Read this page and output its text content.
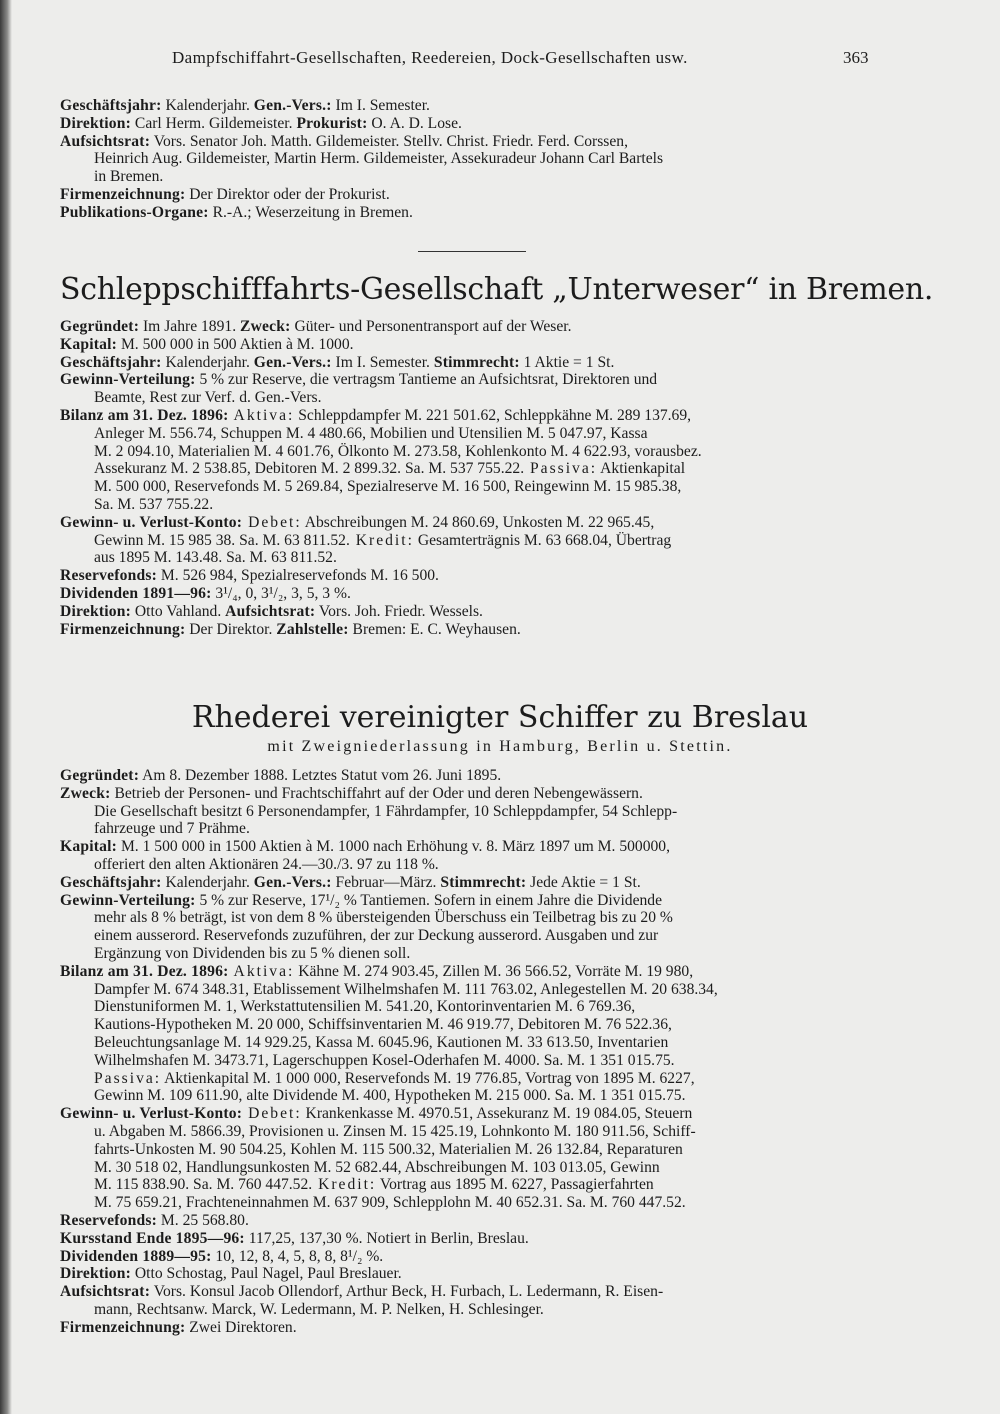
Dampfschiffahrt-Gesellschaften, Reedereien, Dock-Gesellschaften usw.	363
Geschäftsjahr: Kalenderjahr. Gen.-Vers.: Im I. Semester.
Direktion: Carl Herm. Gildemeister. Prokurist: O. A. D. Lose.
Aufsichtsrat: Vors. Senator Joh. Matth. Gildemeister. Stellv. Christ. Friedr. Ferd. Corssen,
Heinrich Aug. Gildemeister, Martin Herm. Gildemeister, Assekuradeur Johann Carl Bartels
in Bremen.
Firmenzeichnung: Der Direktor oder der Prokurist.
Publikations-Organe: R.-A.; Weserzeitung in Bremen.
Schleppschifffahrts-Gesellschaft „Unterweser“ in Bremen.
Gegründet: Im Jahre 1891. Zweck: Güter- und Personentransport auf der Weser.
Kapital: M. 500 000 in 500 Aktien à M. 1000.
Geschäftsjahr: Kalenderjahr. Gen.-Vers.: Im I. Semester. Stimmrecht: 1 Aktie = 1 St.
Gewinn-Verteilung: 5 % zur Reserve, die vertragsm Tantieme an Aufsichtsrat, Direktoren und
Beamte, Rest zur Verf. d. Gen.-Vers.
Bilanz am 31. Dez. 1896: Aktiva: Schleppdampfer M. 221 501.62, Schleppkähne M. 289 137.69,
Anleger M. 556.74, Schuppen M. 4 480.66, Mobilien und Utensilien M. 5 047.97, Kassa
M. 2 094.10, Materialien M. 4 601.76, Ölkonto M. 273.58, Kohlenkonto M. 4 622.93, vorausbez.
Assekuranz M. 2 538.85, Debitoren M. 2 899.32. Sa. M. 537 755.22. Passiva: Aktienkapital
M. 500 000, Reservefonds M. 5 269.84, Spezialreserve M. 16 500, Reingewinn M. 15 985.38,
Sa. M. 537 755.22.
Gewinn- u. Verlust-Konto: Debet: Abschreibungen M. 24 860.69, Unkosten M. 22 965.45,
Gewinn M. 15 985 38. Sa. M. 63 811.52. Kredit: Gesamterträgnis M. 63 668.04, Übertrag
aus 1895 M. 143.48. Sa. M. 63 811.52.
Reservefonds: M. 526 984, Spezialreservefonds M. 16 500.
Dividenden 1891—96: 3¹/₄, 0, 3¹/₂, 3, 5, 3 %.
Direktion: Otto Vahland. Aufsichtsrat: Vors. Joh. Friedr. Wessels.
Firmenzeichnung: Der Direktor. Zahlstelle: Bremen: E. C. Weyhausen.
Rhederei vereinigter Schiffer zu Breslau
mit Zweigniederlassung in Hamburg, Berlin u. Stettin.
Gegründet: Am 8. Dezember 1888. Letztes Statut vom 26. Juni 1895.
Zweck: Betrieb der Personen- und Frachtschiffahrt auf der Oder und deren Nebengewässern.
Die Gesellschaft besitzt 6 Personendampfer, 1 Fährdampfer, 10 Schleppdampfer, 54 Schlepp-
fahrzeuge und 7 Prähme.
Kapital: M. 1 500 000 in 1500 Aktien à M. 1000 nach Erhöhung v. 8. März 1897 um M. 500000,
offeriert den alten Aktionären 24.—30./3. 97 zu 118 %.
Geschäftsjahr: Kalenderjahr. Gen.-Vers.: Februar—März. Stimmrecht: Jede Aktie = 1 St.
Gewinn-Verteilung: 5 % zur Reserve, 17¹/₂ % Tantiemen. Sofern in einem Jahre die Dividende
mehr als 8 % beträgt, ist von dem 8 % übersteigenden Überschuss ein Teilbetrag bis zu 20 %
einem ausserord. Reservefonds zuzuführen, der zur Deckung ausserord. Ausgaben und zur
Ergänzung von Dividenden bis zu 5 % dienen soll.
Bilanz am 31. Dez. 1896: Aktiva: Kähne M. 274 903.45, Zillen M. 36 566.52, Vorräte M. 19 980,
Dampfer M. 674 348.31, Etablissement Wilhelmshafen M. 111 763.02, Anlegestellen M. 20 638.34,
Dienstuniformen M. 1, Werkstattutensilien M. 541.20, Kontorinventarien M. 6 769.36,
Kautions-Hypotheken M. 20 000, Schiffsinventarien M. 46 919.77, Debitoren M. 76 522.36,
Beleuchtungsanlage M. 14 929.25, Kassa M. 6045.96, Kautionen M. 33 613.50, Inventarien
Wilhelmshafen M. 3473.71, Lagerschuppen Kosel-Oderhafen M. 4000. Sa. M. 1 351 015.75.
Passiva: Aktienkapital M. 1 000 000, Reservefonds M. 19 776.85, Vortrag von 1895 M. 6227,
Gewinn M. 109 611.90, alte Dividende M. 400, Hypotheken M. 215 000. Sa. M. 1 351 015.75.
Gewinn- u. Verlust-Konto: Debet: Krankenkasse M. 4970.51, Assekuranz M. 19 084.05, Steuern
u. Abgaben M. 5866.39, Provisionen u. Zinsen M. 15 425.19, Lohnkonto M. 180 911.56, Schiff-
fahrts-Unkosten M. 90 504.25, Kohlen M. 115 500.32, Materialien M. 26 132.84, Reparaturen
M. 30 518 02, Handlungsunkosten M. 52 682.44, Abschreibungen M. 103 013.05, Gewinn
M. 115 838.90. Sa. M. 760 447.52. Kredit: Vortrag aus 1895 M. 6227, Passagierfahrten
M. 75 659.21, Frachteneinnahmen M. 637 909, Schlepplohn M. 40 652.31. Sa. M. 760 447.52.
Reservefonds: M. 25 568.80.
Kursstand Ende 1895—96: 117,25, 137,30 %. Notiert in Berlin, Breslau.
Dividenden 1889—95: 10, 12, 8, 4, 5, 8, 8, 8¹/₂ %.
Direktion: Otto Schostag, Paul Nagel, Paul Breslauer.
Aufsichtsrat: Vors. Konsul Jacob Ollendorf, Arthur Beck, H. Furbach, L. Ledermann, R. Eisen-
mann, Rechtsanw. Marck, W. Ledermann, M. P. Nelken, H. Schlesinger.
Firmenzeichnung: Zwei Direktoren.
